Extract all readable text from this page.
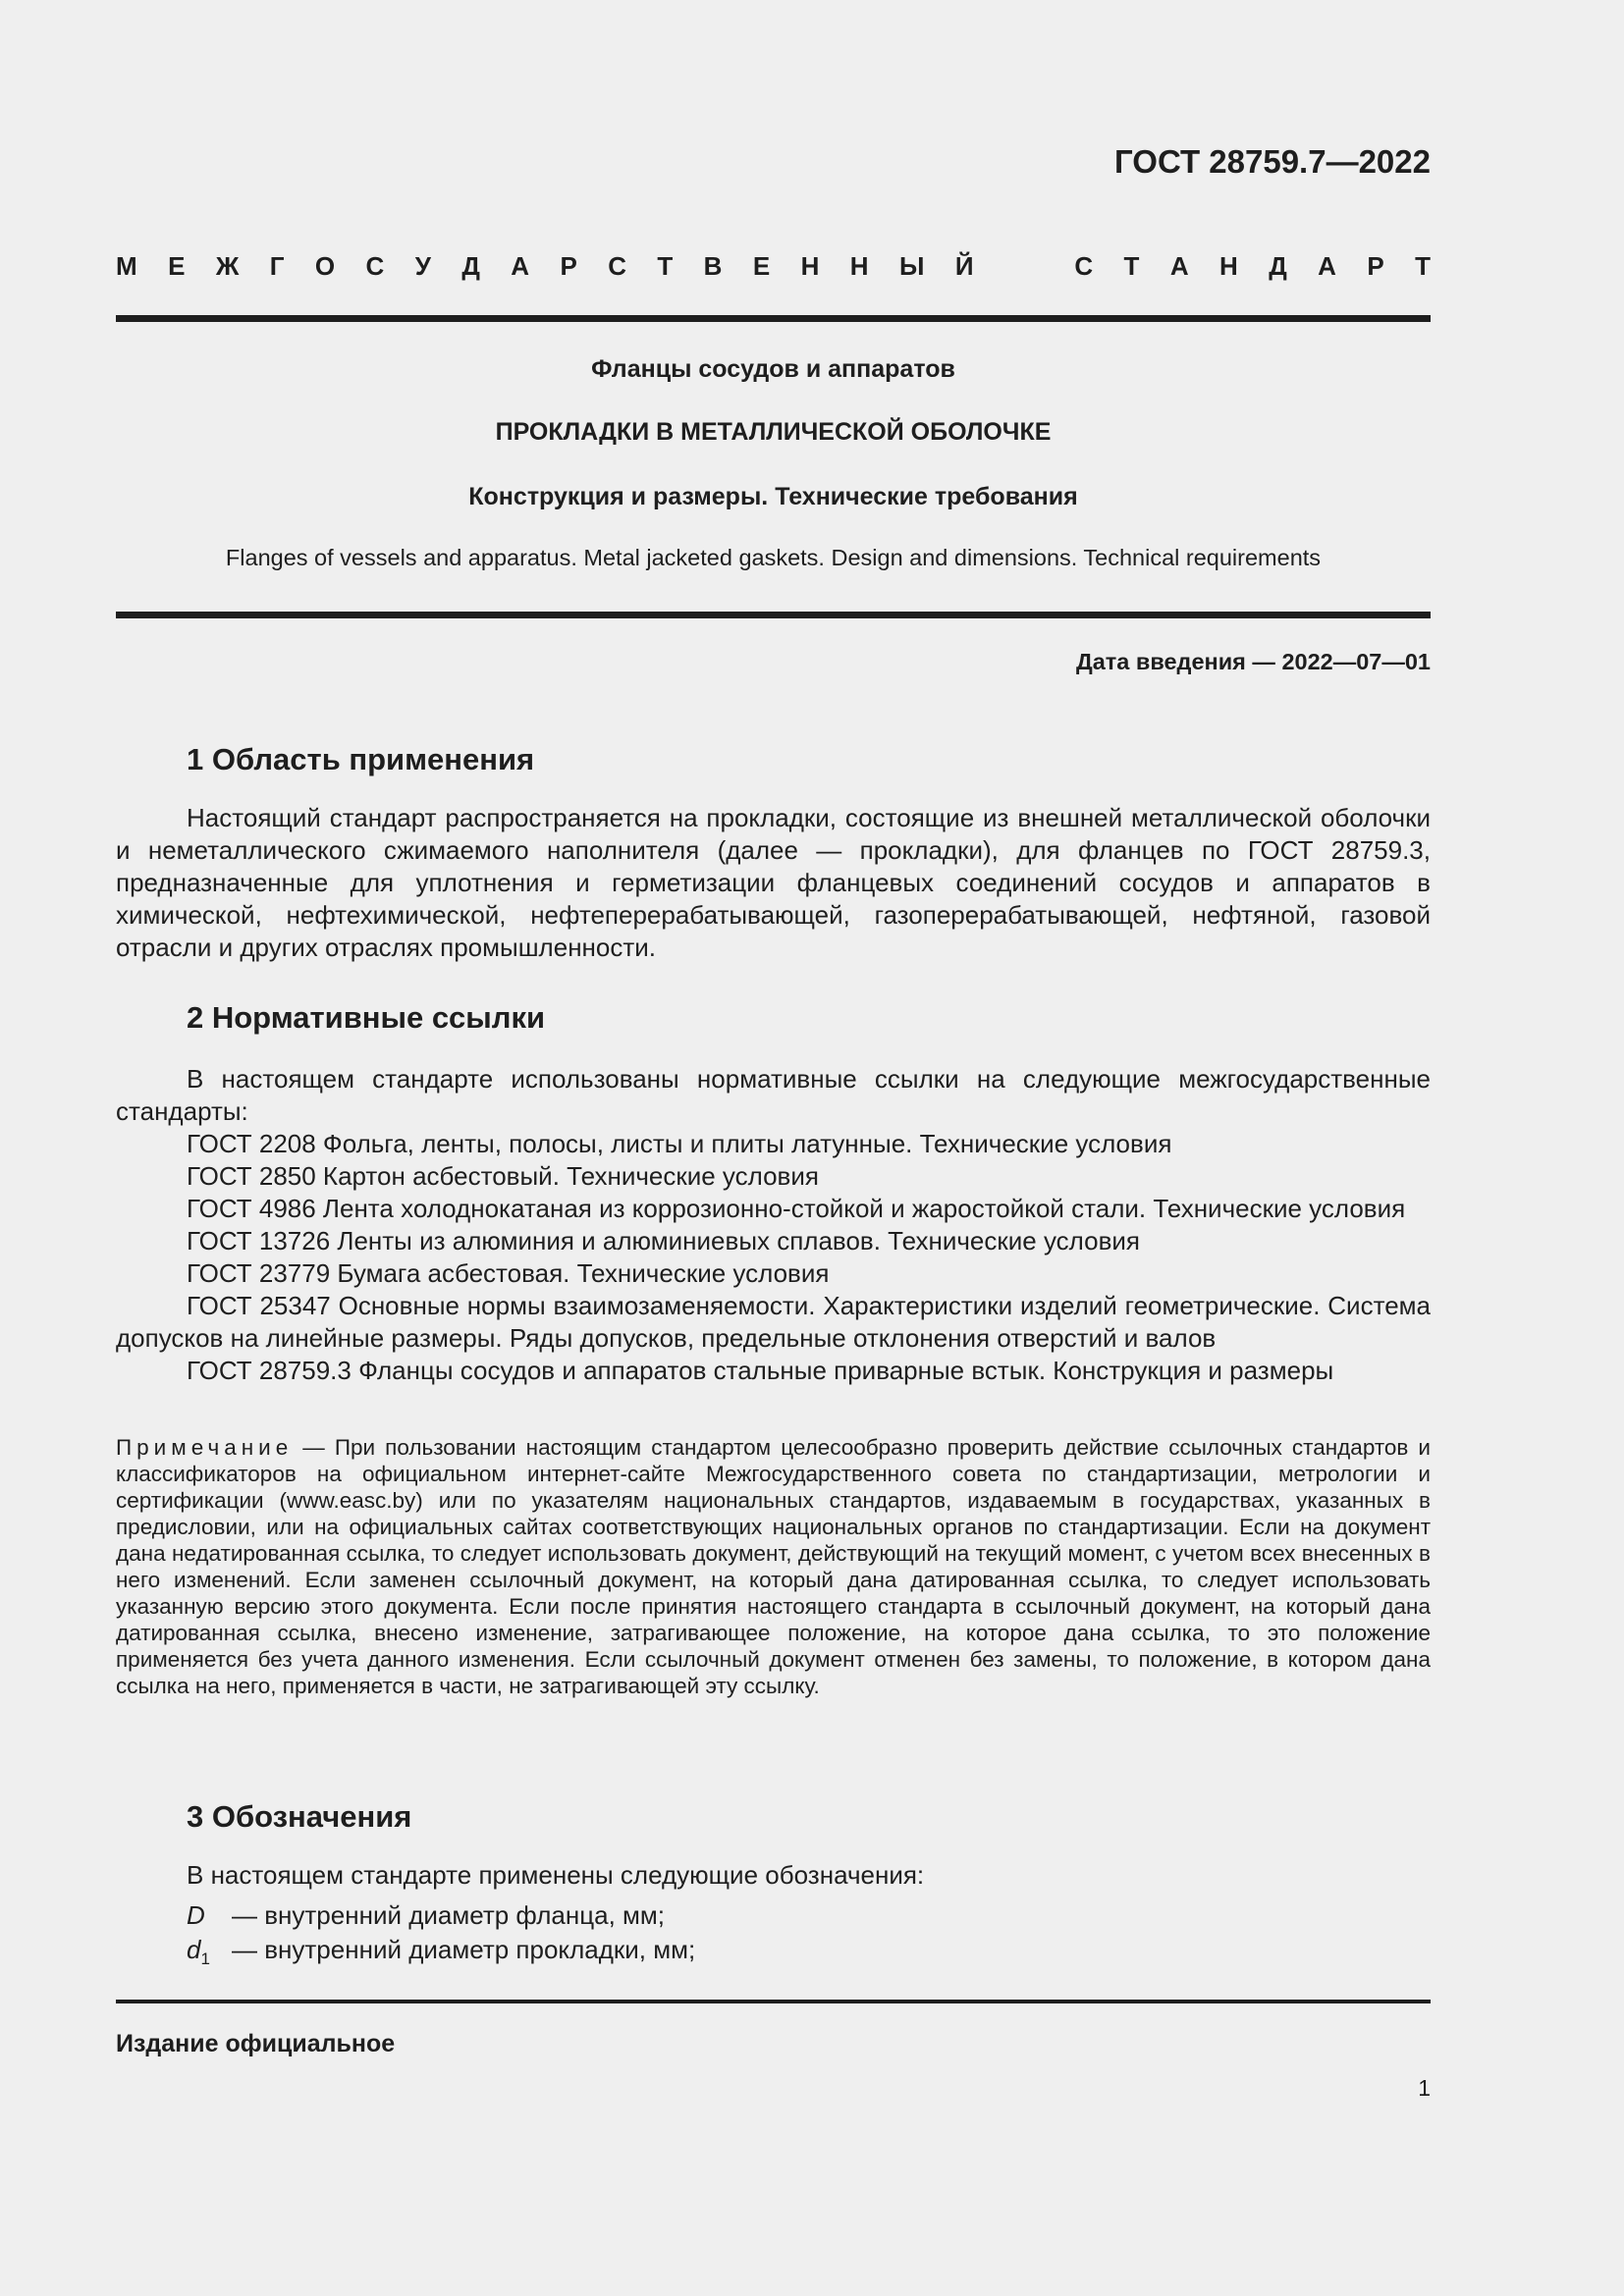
ГОСТ 28759.7—2022

М Е Ж Г О С У Д А Р С Т В Е Н Н Ы Й	С Т А Н Д А Р Т

Фланцы сосудов и аппаратов

ПРОКЛАДКИ В МЕТАЛЛИЧЕСКОЙ ОБОЛОЧКЕ

Конструкция и размеры. Технические требования

Flanges of vessels and apparatus. Metal jacketed gaskets. Design and dimensions. Technical requirements

Дата введения — 2022—07—01

1 Область применения

Настоящий стандарт распространяется на прокладки, состоящие из внешней металлической оболочки и неметаллического сжимаемого наполнителя (далее — прокладки), для фланцев по ГОСТ 28759.3, предназначенные для уплотнения и герметизации фланцевых соединений сосудов и аппаратов в химической, нефтехимической, нефтеперерабатывающей, газоперерабатывающей, нефтяной, газовой отрасли и других отраслях промышленности.

2 Нормативные ссылки

В настоящем стандарте использованы нормативные ссылки на следующие межгосударственные стандарты:

ГОСТ 2208 Фольга, ленты, полосы, листы и плиты латунные. Технические условия
ГОСТ 2850 Картон асбестовый. Технические условия
ГОСТ 4986 Лента холоднокатаная из коррозионно-стойкой и жаростойкой стали. Технические условия
ГОСТ 13726 Ленты из алюминия и алюминиевых сплавов. Технические условия
ГОСТ 23779 Бумага асбестовая. Технические условия
ГОСТ 25347 Основные нормы взаимозаменяемости. Характеристики изделий геометрические. Система допусков на линейные размеры. Ряды допусков, предельные отклонения отверстий и валов
ГОСТ 28759.3 Фланцы сосудов и аппаратов стальные приварные встык. Конструкция и размеры

Примечание — При пользовании настоящим стандартом целесообразно проверить действие ссылочных стандартов и классификаторов на официальном интернет-сайте Межгосударственного совета по стандартизации, метрологии и сертификации (www.easc.by) или по указателям национальных стандартов, издаваемым в государствах, указанных в предисловии, или на официальных сайтах соответствующих национальных органов по стандартизации. Если на документ дана недатированная ссылка, то следует использовать документ, действующий на текущий момент, с учетом всех внесенных в него изменений. Если заменен ссылочный документ, на который дана датированная ссылка, то следует использовать указанную версию этого документа. Если после принятия настоящего стандарта в ссылочный документ, на который дана датированная ссылка, внесено изменение, затрагивающее положение, на которое дана ссылка, то это положение применяется без учета данного изменения. Если ссылочный документ отменен без замены, то положение, в котором дана ссылка на него, применяется в части, не затрагивающей эту ссылку.

3 Обозначения

В настоящем стандарте применены следующие обозначения:

D	— внутренний диаметр фланца, мм;
$d_1$ — внутренний диаметр прокладки, мм;

Издание официальное

1
